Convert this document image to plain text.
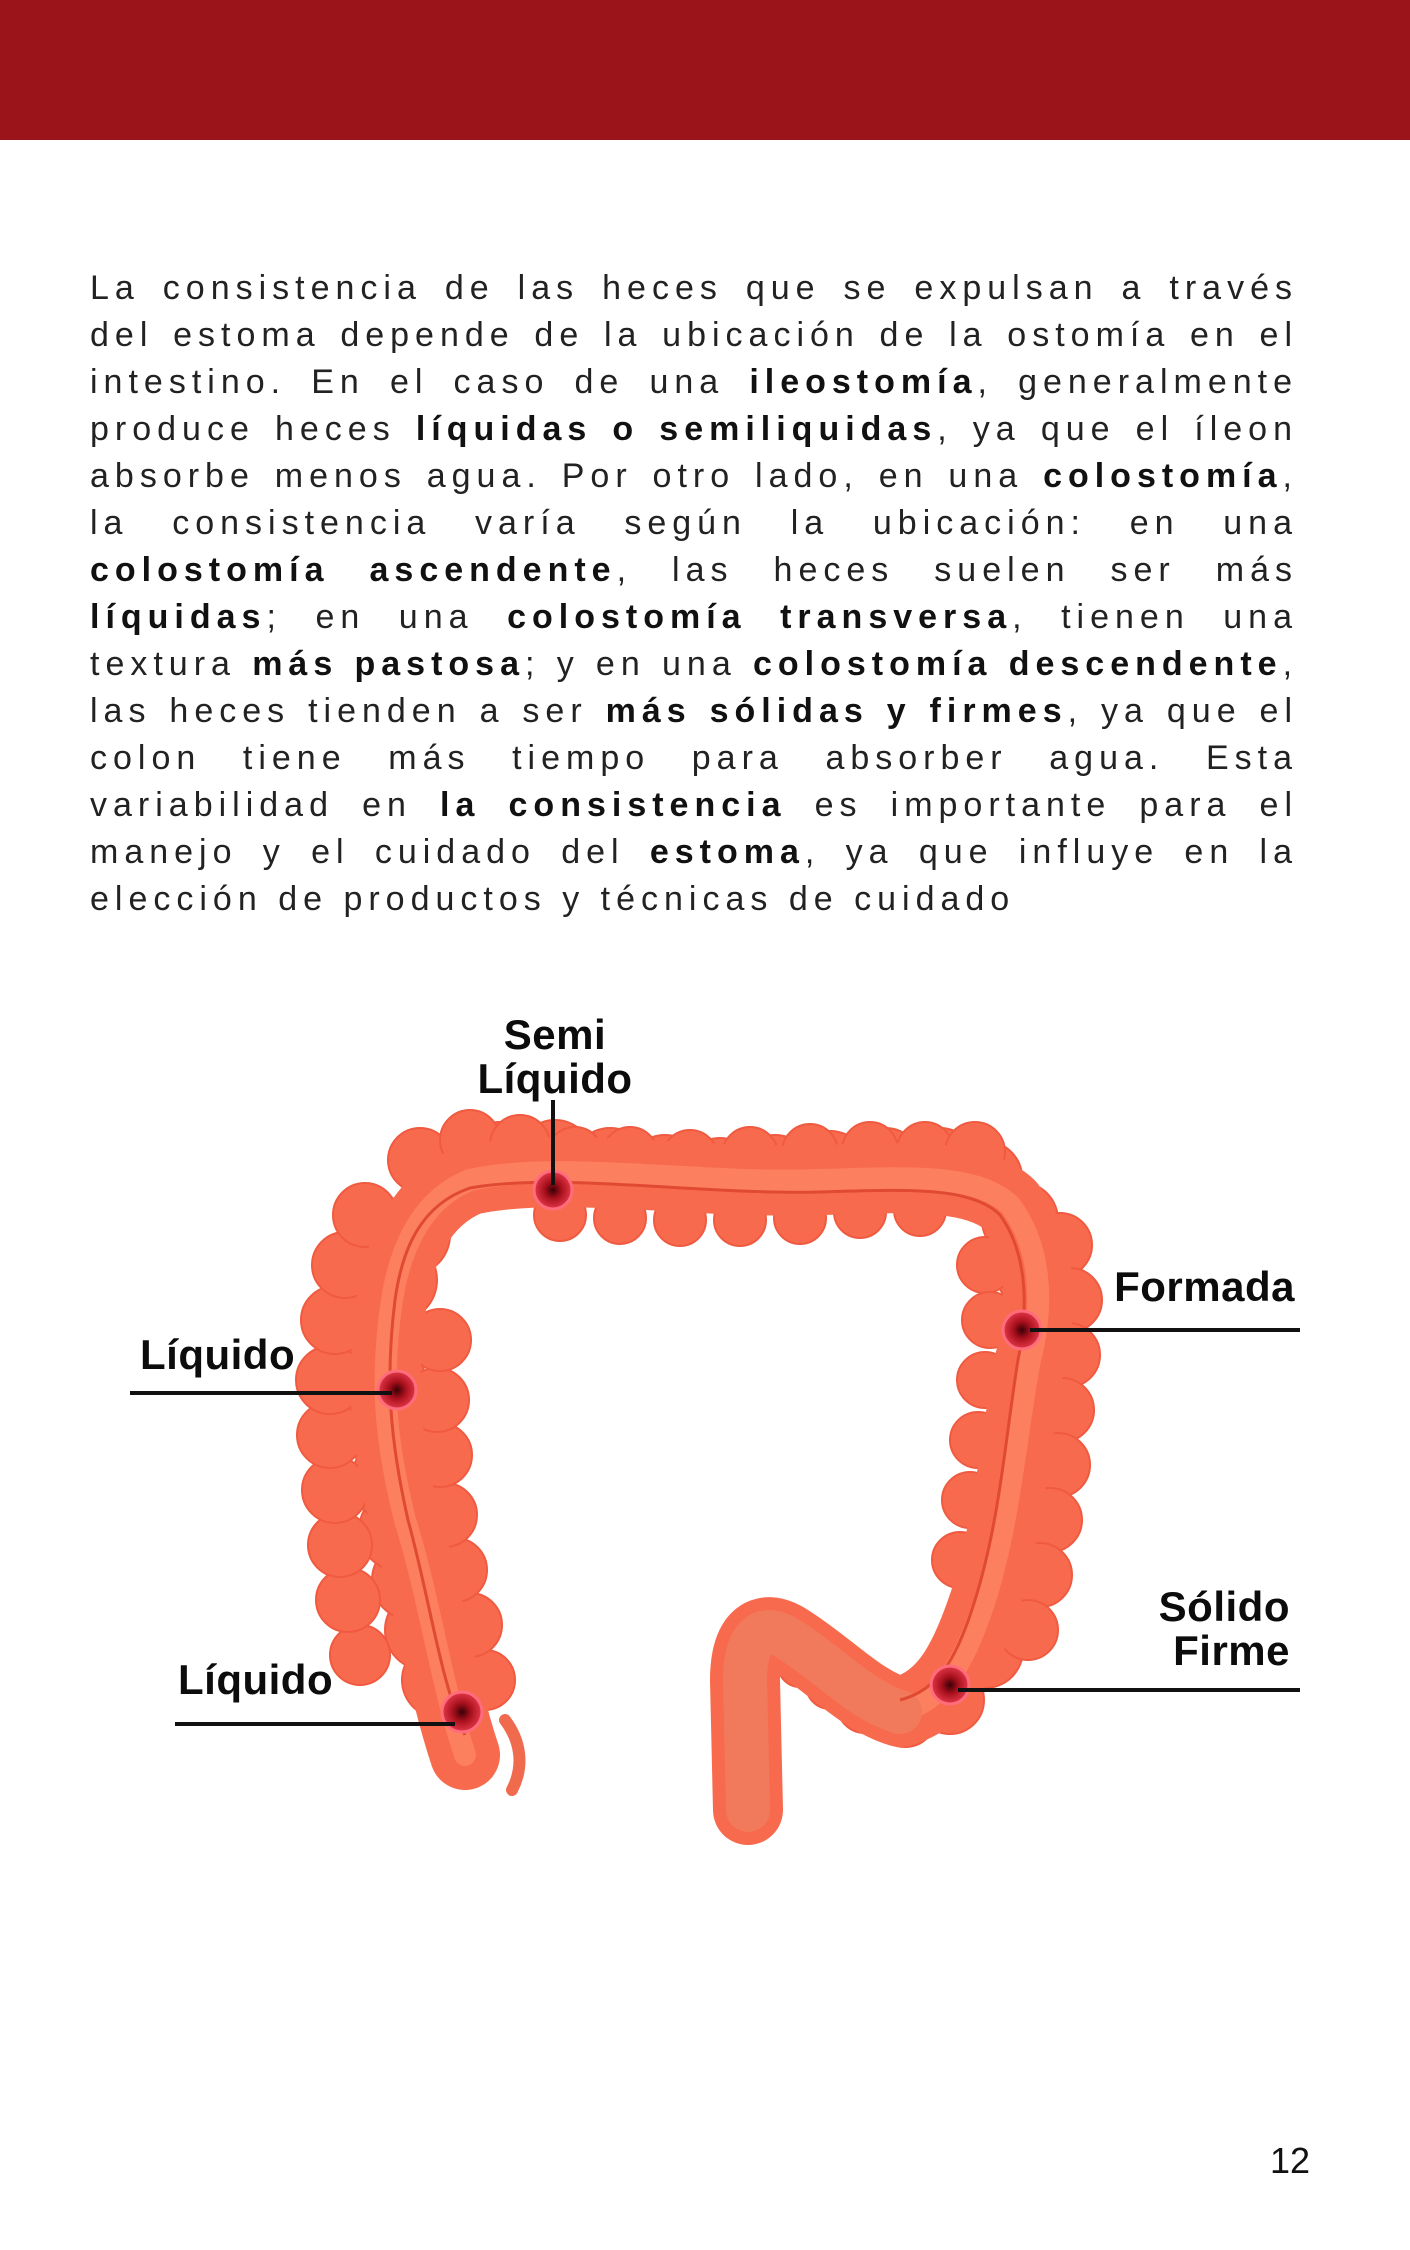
La consistencia de las heces que se expulsan a través del estoma depende de la ubicación de la ostomía en el intestino. En el caso de una ileostomía, generalmente produce heces líquidas o semiliquidas, ya que el íleon absorbe menos agua. Por otro lado, en una colostomía, la consistencia varía según la ubicación: en una colostomía ascendente, las heces suelen ser más líquidas; en una colostomía transversa, tienen una textura más pastosa; y en una colostomía descendente, las heces tienden a ser más sólidas y firmes, ya que el colon tiene más tiempo para absorber agua. Esta variabilidad en la consistencia es importante para el manejo y el cuidado del estoma, ya que influye en la elección de productos y técnicas de cuidado
Semi
Líquido
Formada
Líquido
Líquido
Sólido
Firme
12
